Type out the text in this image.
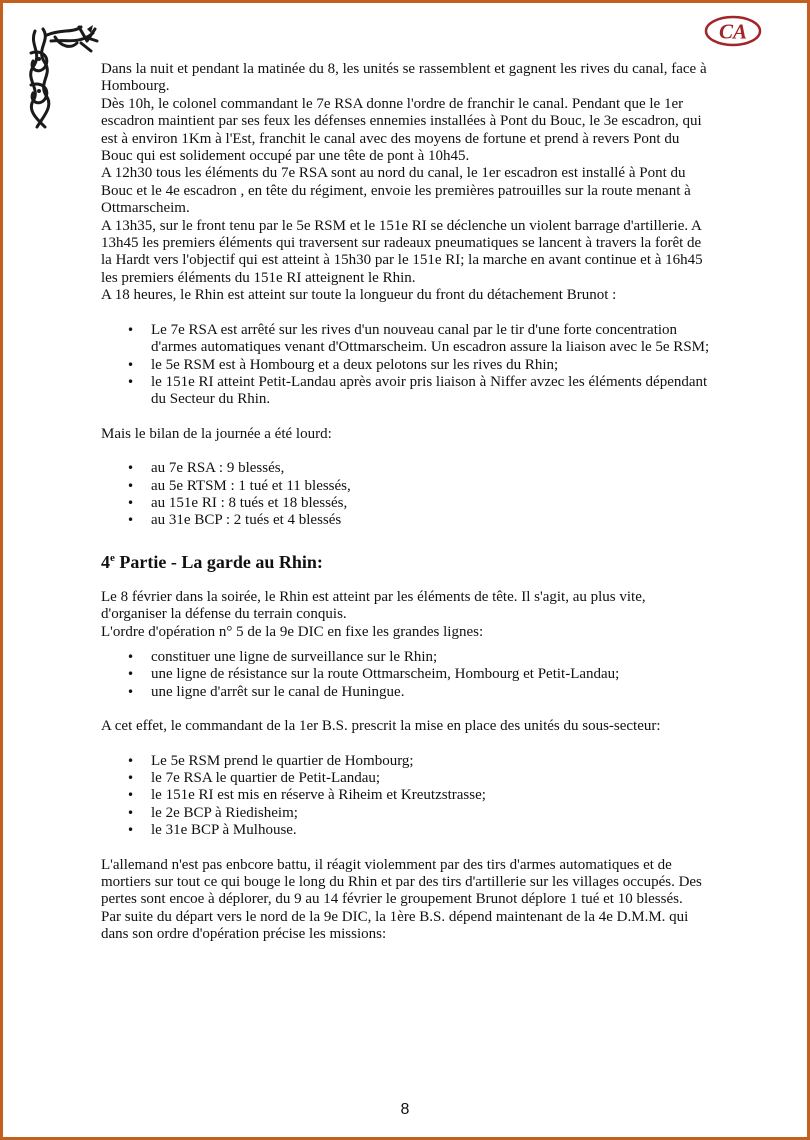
CA

Dans la nuit et pendant la matinée du 8, les unités se rassemblent et gagnent les rives du canal, face à Hombourg.

Dès 10h, le colonel commandant le 7e RSA donne l'ordre de franchir le canal. Pendant que le 1er escadron maintient par ses feux les défenses ennemies installées à Pont du Bouc, le 3e escadron, qui est à environ 1Km à l'Est, franchit le canal avec des moyens de fortune et prend à revers Pont du Bouc qui est solidement occupé par une tête de pont à 10h45.

A 12h30 tous les éléments du 7e RSA sont au nord du canal, le 1er escadron est installé à Pont du Bouc et le 4e escadron , en tête du régiment, envoie les premières patrouilles sur la route menant à Ottmarscheim.

A 13h35, sur le front tenu par le 5e RSM et le 151e RI se déclenche un violent barrage d'artillerie. A 13h45 les premiers éléments qui traversent sur radeaux pneumatiques se lancent à travers la forêt de la Hardt vers l'objectif qui est atteint à 15h30 par le 151e RI; la marche en avant continue et à 16h45 les premiers éléments du 151e RI atteignent le Rhin.

A 18 heures, le Rhin est atteint sur toute la longueur du front du détachement Brunot :

• Le 7e RSA est arrêté sur les rives d'un nouveau canal par le tir d'une forte concentration d'armes automatiques venant d'Ottmarscheim. Un escadron assure la liaison avec le 5e RSM;
• le 5e RSM est à Hombourg et a deux pelotons sur les rives du Rhin;
• le 151e RI atteint Petit-Landau après avoir pris liaison à Niffer avzec les éléments dépendant du Secteur du Rhin.

Mais le bilan de la journée a été lourd:

• au 7e RSA : 9 blessés,
• au 5e RTSM : 1 tué et 11 blessés,
• au 151e RI : 8 tués et 18 blessés,
• au 31e BCP : 2 tués et 4 blessés
4e Partie - La garde au Rhin:

Le 8 février dans la soirée, le Rhin est atteint par les éléments de tête. Il s'agit, au plus vite, d'organiser la défense du terrain conquis.

L'ordre d'opération n° 5 de la 9e DIC en fixe les grandes lignes:

• constituer une ligne de surveillance sur le Rhin;
• une ligne de résistance sur la route Ottmarscheim, Hombourg et Petit-Landau;
• une ligne d'arrêt sur le canal de Huningue.

A cet effet, le commandant de la 1er B.S. prescrit la mise en place des unités du sous-secteur:

• Le 5e RSM prend le quartier de Hombourg;
• le 7e RSA le quartier de Petit-Landau;
• le 151e RI est mis en réserve à Riheim et Kreutzstrasse;
• le 2e BCP à Riedisheim;
• le 31e BCP à Mulhouse.

L'allemand n'est pas enbcore battu, il réagit violemment par des tirs d'armes automatiques et de mortiers sur tout ce qui bouge le long du Rhin et par des tirs d'artillerie sur les villages occupés. Des pertes sont encoe à déplorer, du 9 au 14 février le groupement Brunot déplore 1 tué et 10 blessés.

Par suite du départ vers le nord de la 9e DIC, la 1ère B.S. dépend maintenant de la 4e D.M.M. qui dans son ordre d'opération précise les missions:

8
